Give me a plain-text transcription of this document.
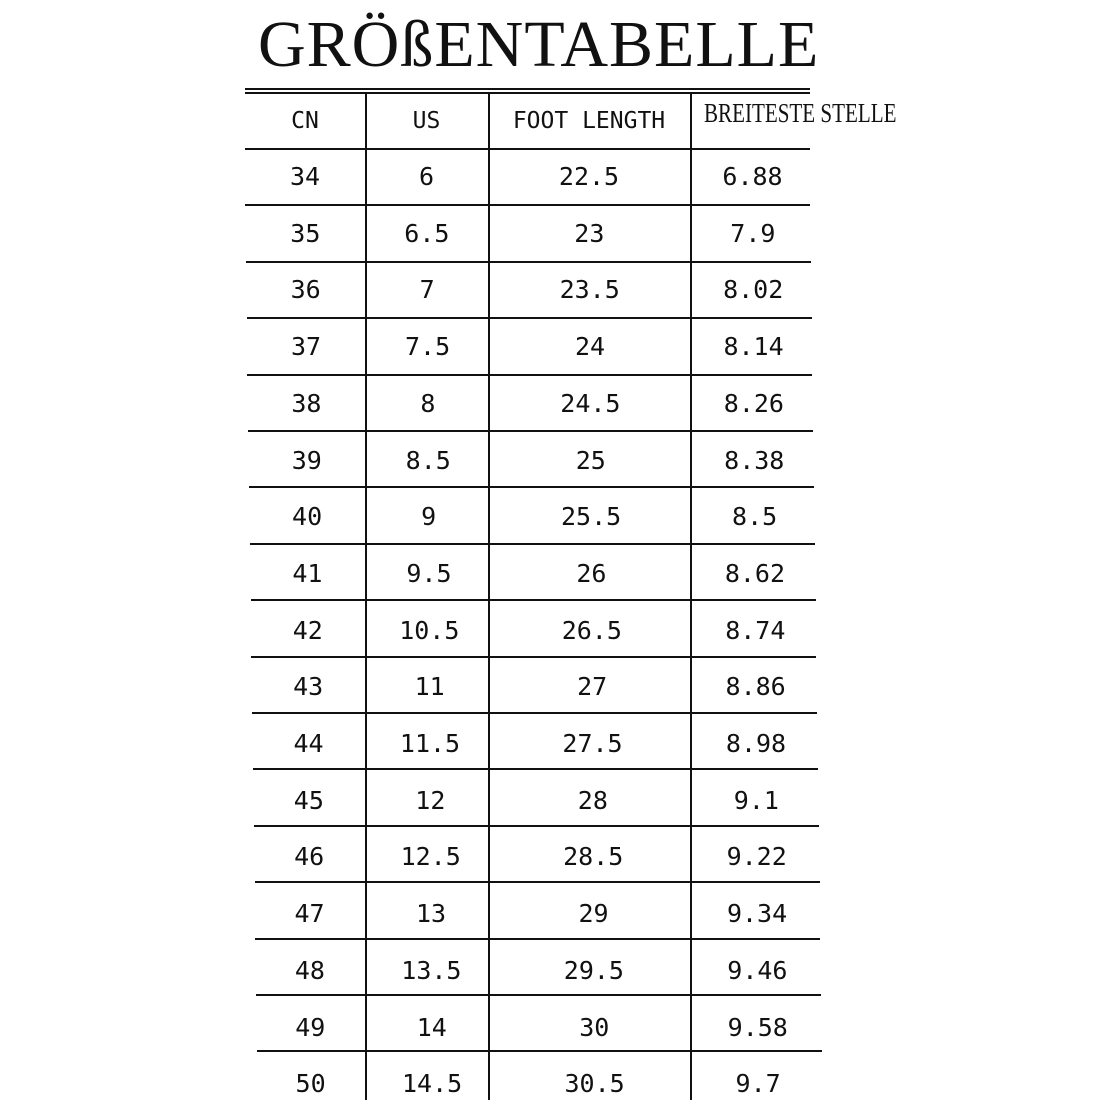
GRÖßENTABELLE
CN	US	FOOT LENGTH	BREITESTE STELLE
34	6	22.5	6.88
35	6.5	23	7.9
36	7	23.5	8.02
37	7.5	24	8.14
38	8	24.5	8.26
39	8.5	25	8.38
40	9	25.5	8.5
41	9.5	26	8.62
42	10.5	26.5	8.74
43	11	27	8.86
44	11.5	27.5	8.98
45	12	28	9.1
46	12.5	28.5	9.22
47	13	29	9.34
48	13.5	29.5	9.46
49	14	30	9.58
50	14.5	30.5	9.7
